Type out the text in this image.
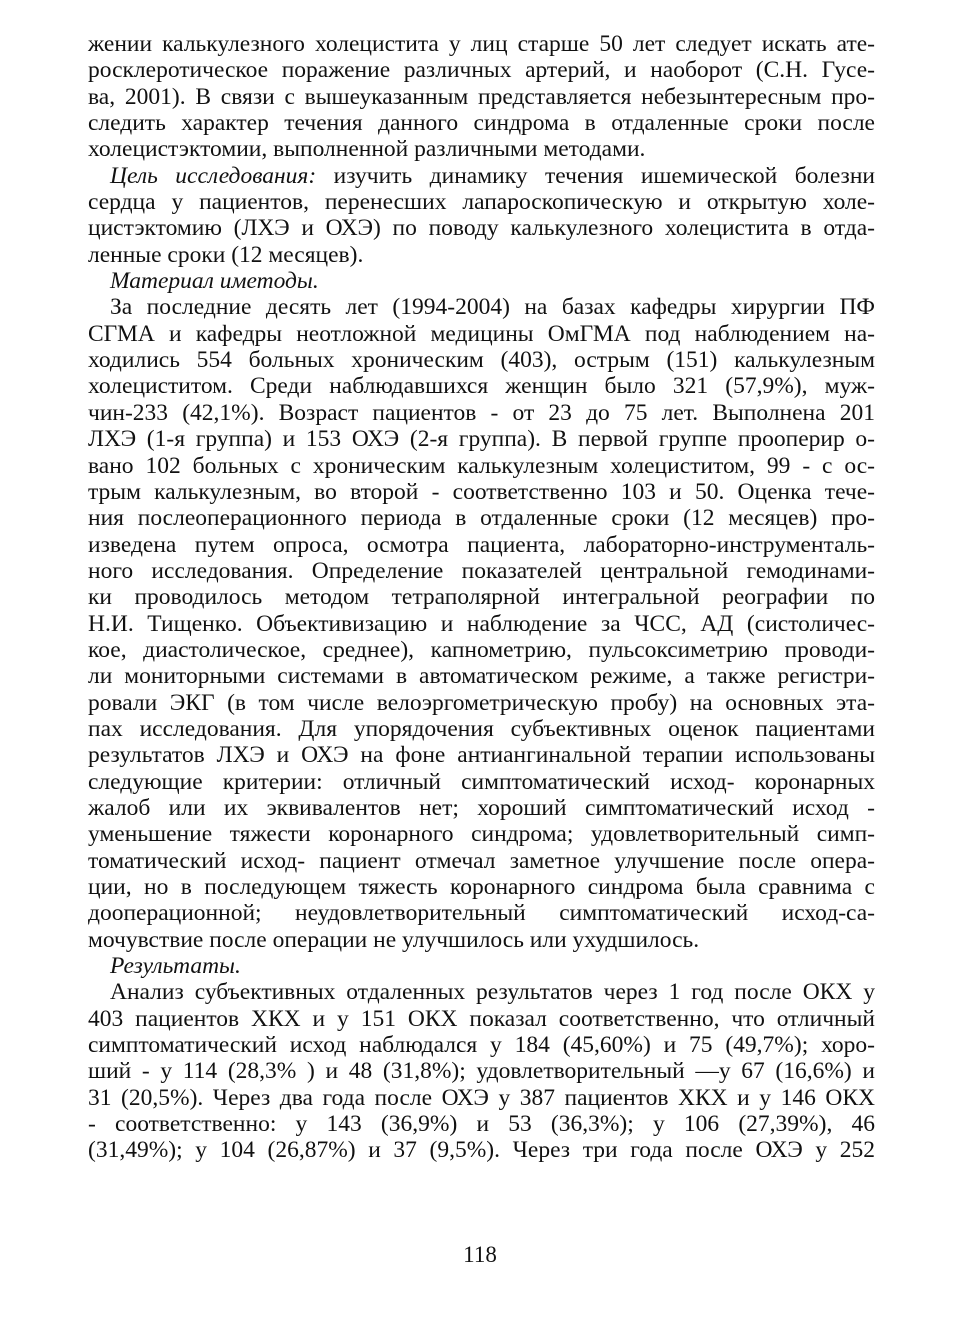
жении калькулезного холецистита у лиц старше 50 лет следует искать ате-
росклеротическое поражение различных артерий, и наоборот (С.Н. Гусе-
ва, 2001). В связи с вышеуказанным представляется небезынтересным про-
следить характер течения данного синдрома в отдаленные сроки после
холецистэктомии, выполненной различными методами.
Цель исследования: изучить динамику течения ишемической болезни
сердца у пациентов, перенесших лапароскопическую и открытую холе-
цистэктомию (ЛХЭ и ОХЭ) по поводу калькулезного холецистита в отда-
ленные сроки (12 месяцев).
Материал иметоды.
За последние десять лет (1994-2004) на базах кафедры хирургии ПФ
СГМА и кафедры неотложной медицины ОмГМА под наблюдением на-
ходились 554 больных хроническим (403), острым (151) калькулезным
холециститом. Среди наблюдавшихся женщин было 321 (57,9%), муж-
чин-233 (42,1%). Возраст пациентов - от 23 до 75 лет. Выполнена 201
ЛХЭ (1-я группа) и 153 ОХЭ (2-я группа). В первой группе прооперир о-
вано 102 больных с хроническим калькулезным холециститом, 99 - с ос-
трым калькулезным, во второй - соответственно 103 и 50. Оценка тече-
ния послеоперационного периода в отдаленные сроки (12 месяцев) про-
изведена путем опроса, осмотра пациента, лабораторно-инструменталь-
ного исследования. Определение показателей центральной гемодинами-
ки проводилось методом тетраполярной интегральной реографии по
Н.И. Тищенко. Объективизацию и наблюдение за ЧСС, АД (систоличес-
кое, диастолическое, среднее), капнометрию, пульсоксиметрию проводи-
ли мониторными системами в автоматическом режиме, а также регистри-
ровали ЭКГ (в том числе велоэргометрическую пробу) на основных эта-
пах исследования. Для упорядочения субъективных оценок пациентами
результатов ЛХЭ и ОХЭ на фоне антиангинальной терапии использованы
следующие критерии: отличный симптоматический исход- коронарных
жалоб или их эквивалентов нет; хороший симптоматический исход -
уменьшение тяжести коронарного синдрома; удовлетворительный симп-
томатический исход- пациент отмечал заметное улучшение после опера-
ции, но в последующем тяжесть коронарного синдрома была сравнима с
дооперационной; неудовлетворительный симптоматический исход-са-
мочувствие после операции не улучшилось или ухудшилось.
Результаты.
Анализ субъективных отдаленных результатов через 1 год после ОКХ у
403 пациентов ХКХ и у 151 ОКХ показал соответственно, что отличный
симптоматический исход наблюдался у 184 (45,60%) и 75 (49,7%); хоро-
ший - у 114 (28,3% ) и 48 (31,8%); удовлетворительный —у 67 (16,6%) и
31 (20,5%). Через два года после ОХЭ у 387 пациентов ХКХ и у 146 ОКХ
- соответственно: у 143 (36,9%) и 53 (36,3%); у 106 (27,39%), 46
(31,49%); у 104 (26,87%) и 37 (9,5%). Через три года после ОХЭ у 252
118
